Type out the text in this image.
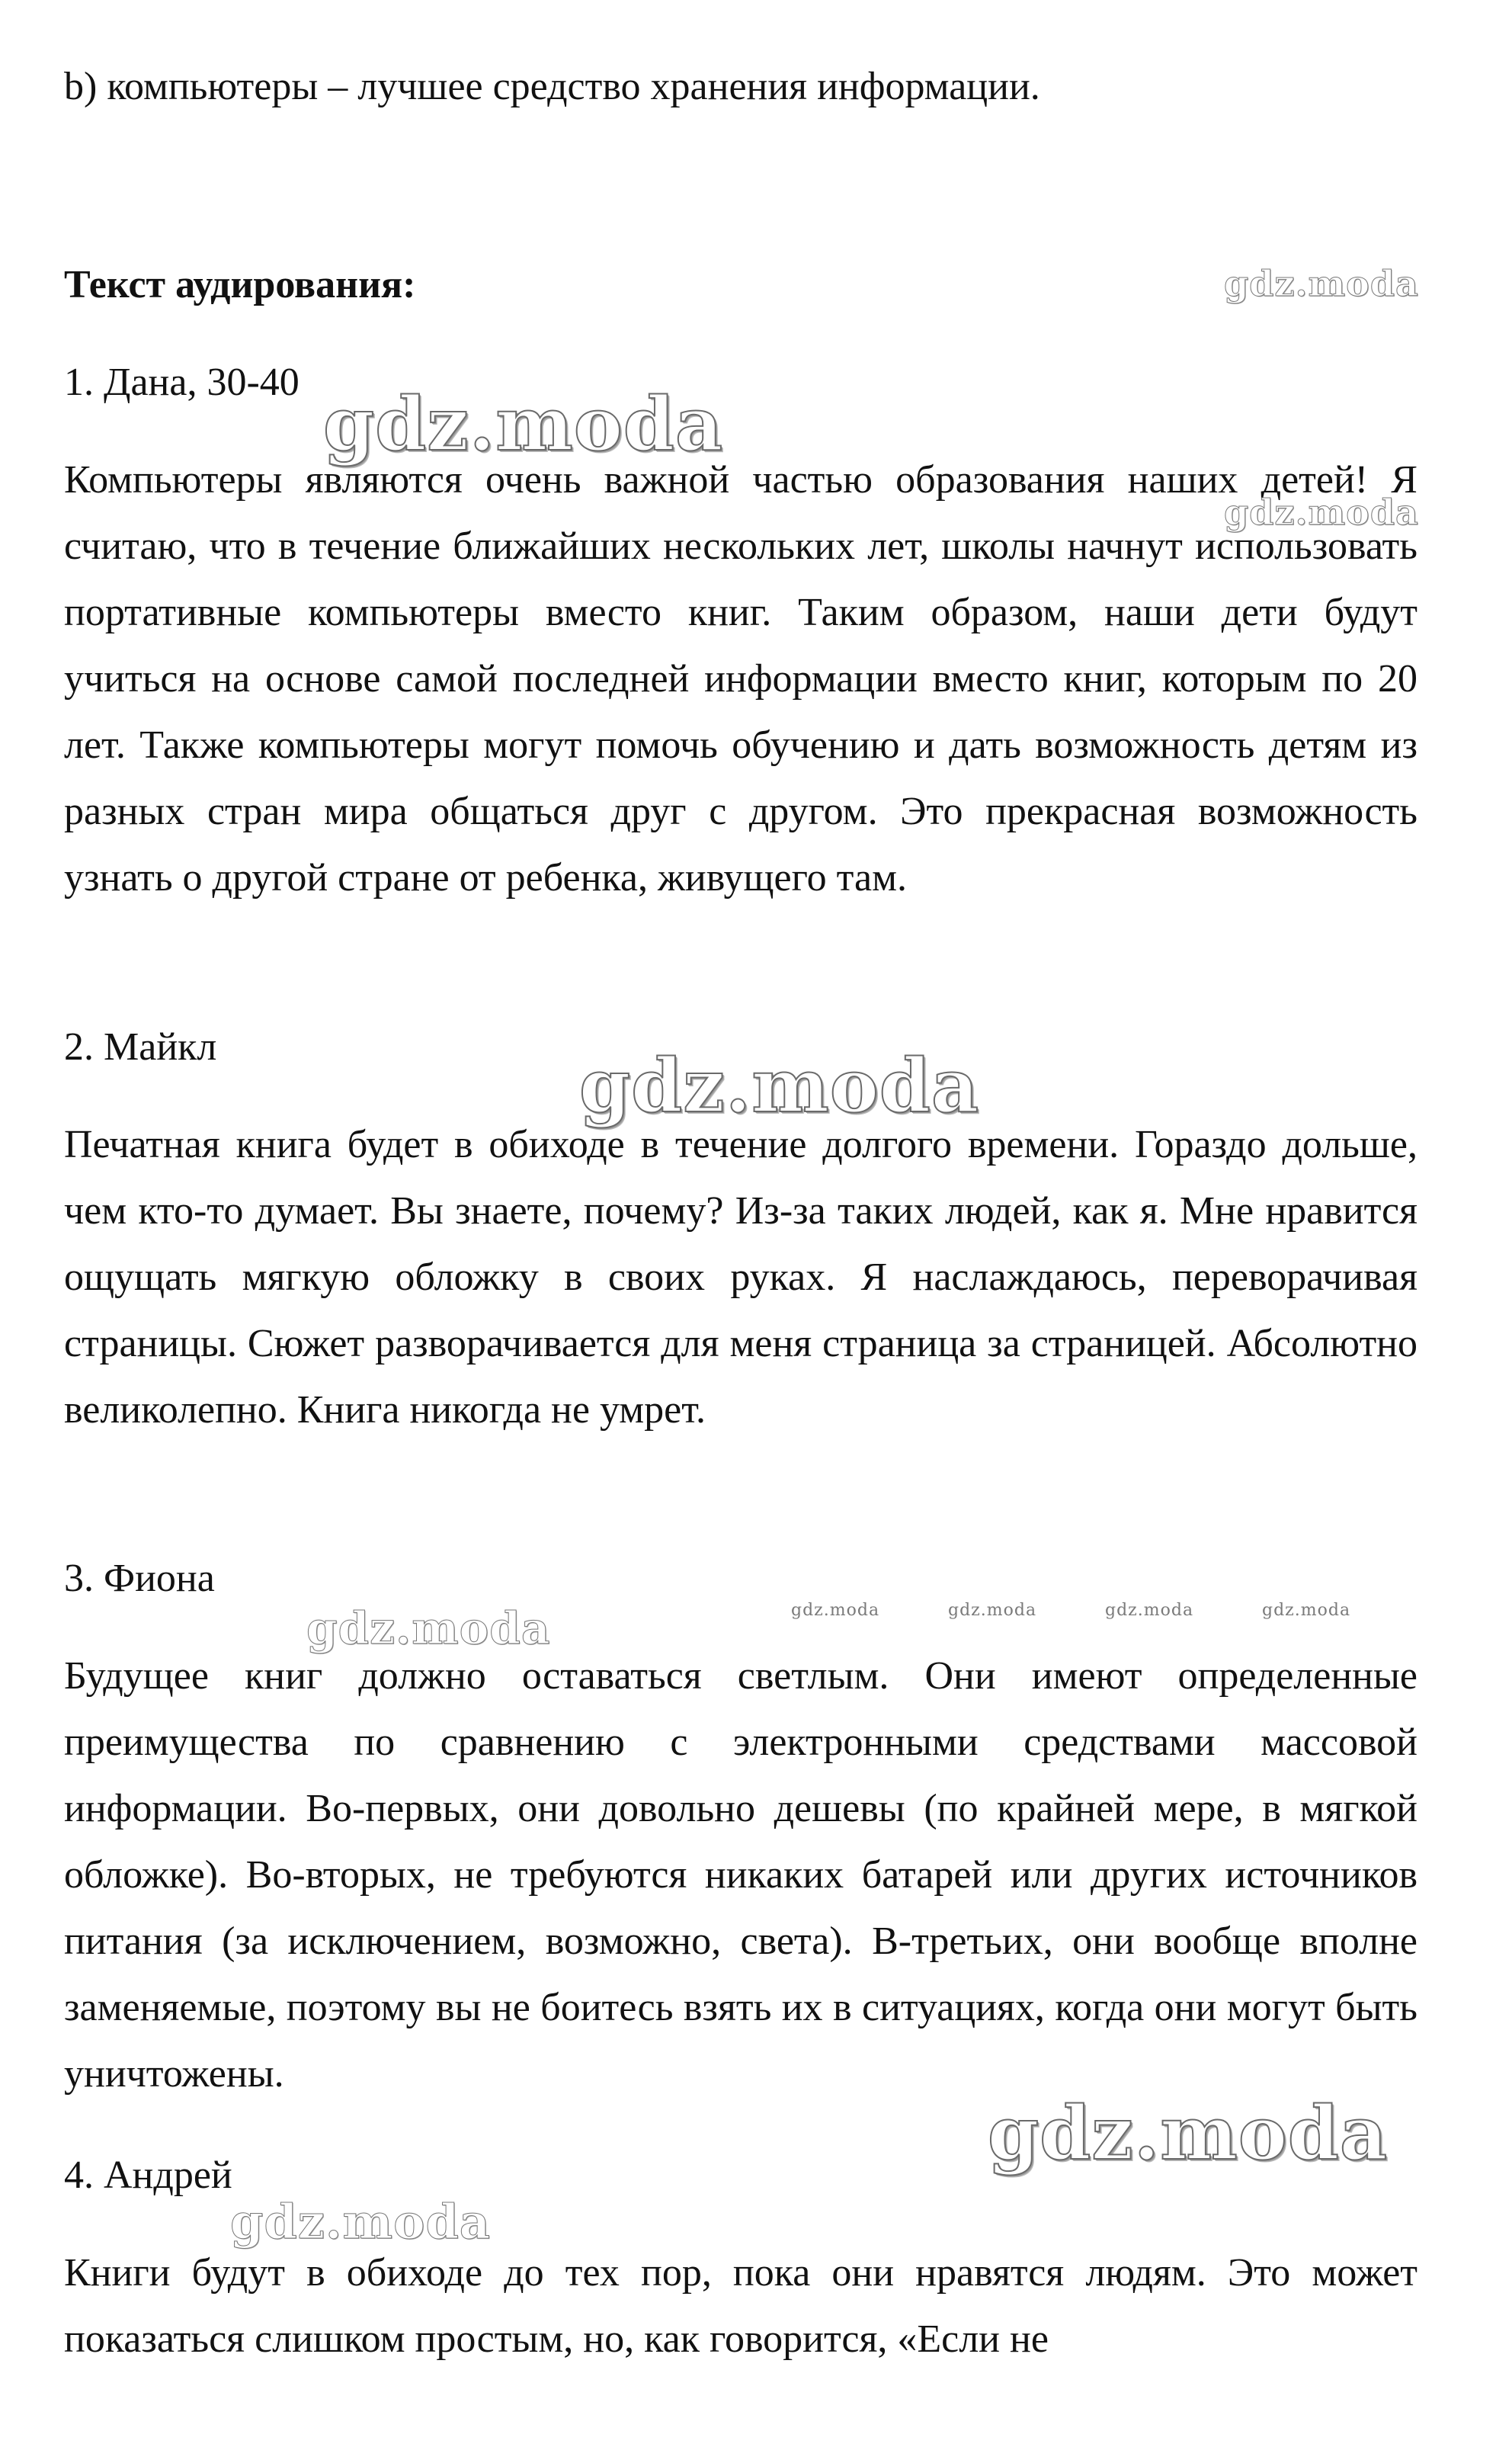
b) компьютеры – лучшее средство хранения информации.

Текст аудирования:

1. Дана, 30-40

Компьютеры являются очень важной частью образования наших детей! Я считаю, что в течение ближайших нескольких лет, школы начнут использовать портативные компьютеры вместо книг. Таким образом, наши дети будут учиться на основе самой последней информации вместо книг, которым по 20 лет. Также компьютеры могут помочь обучению и дать возможность детям из разных стран мира общаться друг с другом. Это прекрасная возможность узнать о другой стране от ребенка, живущего там.

2. Майкл

Печатная книга будет в обиходе в течение долгого времени. Гораздо дольше, чем кто-то думает. Вы знаете, почему? Из-за таких людей, как я. Мне нравится ощущать мягкую обложку в своих руках. Я наслаждаюсь, переворачивая страницы. Сюжет разворачивается для меня страница за страницей. Абсолютно великолепно. Книга никогда не умрет.

3. Фиона

Будущее книг должно оставаться светлым. Они имеют определенные преимущества по сравнению с электронными средствами массовой информации. Во-первых, они довольно дешевы (по крайней мере, в мягкой обложке). Во-вторых, не требуются никаких батарей или других источников питания (за исключением, возможно, света). В-третьих, они вообще вполне заменяемые, поэтому вы не боитесь взять их в ситуациях, когда они могут быть уничтожены.

4. Андрей

Книги будут в обиходе до тех пор, пока они нравятся людям. Это может показаться слишком простым, но, как говорится, «Если не

gdz.moda
gdz.moda
gdz.moda
gdz.moda
gdz.moda	gdz.moda	gdz.moda	gdz.moda	gdz.moda
gdz.moda
gdz.moda
